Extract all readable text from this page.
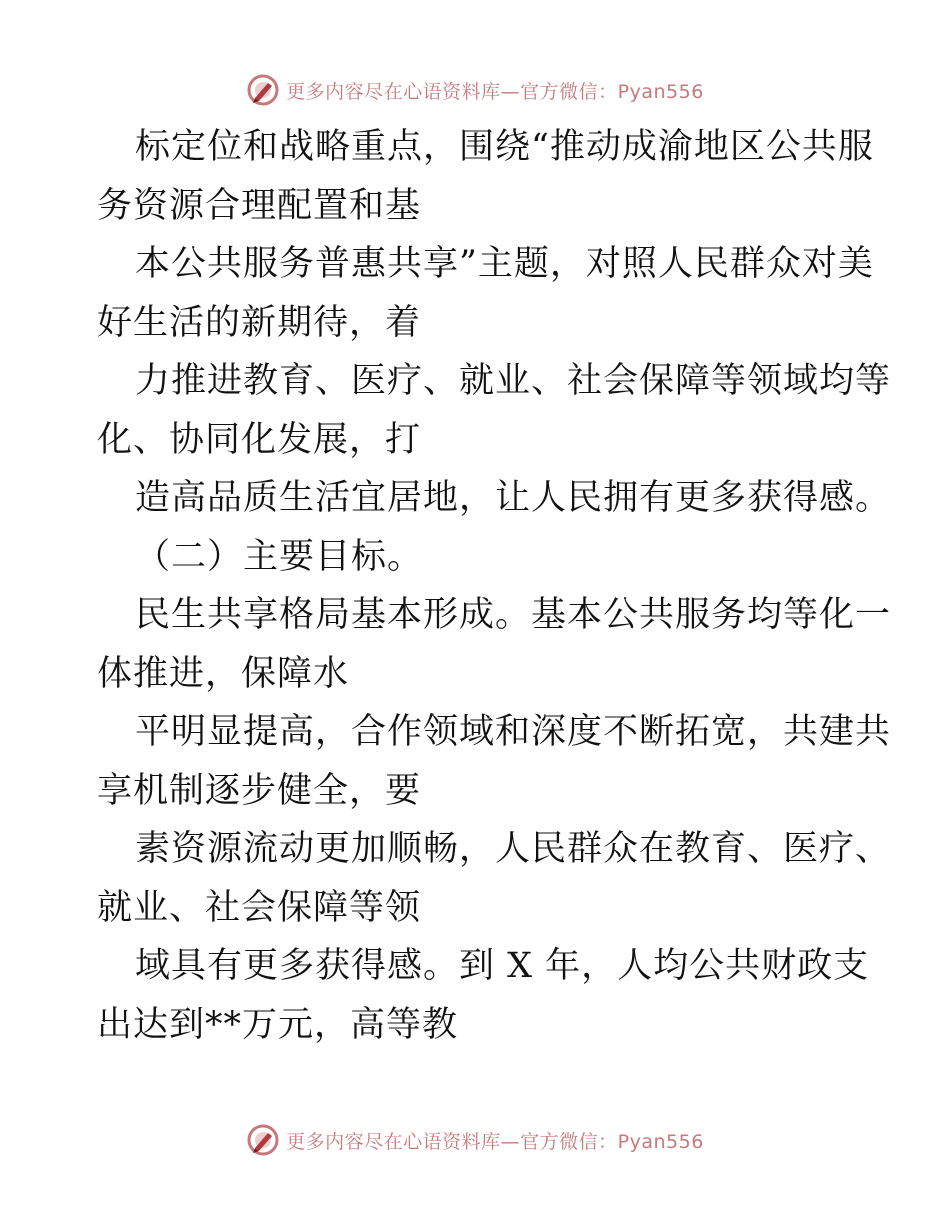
更多内容尽在心语资料库—官方微信：Pyan556
标定位和战略重点，围绕“推动成渝地区公共服
务资源合理配置和基
本公共服务普惠共享”主题，对照人民群众对美
好生活的新期待，着
力推进教育、医疗、就业、社会保障等领域均等
化、协同化发展，打
造高品质生活宜居地，让人民拥有更多获得感。
（二）主要目标。
民生共享格局基本形成。基本公共服务均等化一
体推进，保障水
平明显提高，合作领域和深度不断拓宽，共建共
享机制逐步健全，要
素资源流动更加顺畅，人民群众在教育、医疗、
就业、社会保障等领
域具有更多获得感。到 X 年，人均公共财政支
出达到**万元，高等教
更多内容尽在心语资料库—官方微信：Pyan556
